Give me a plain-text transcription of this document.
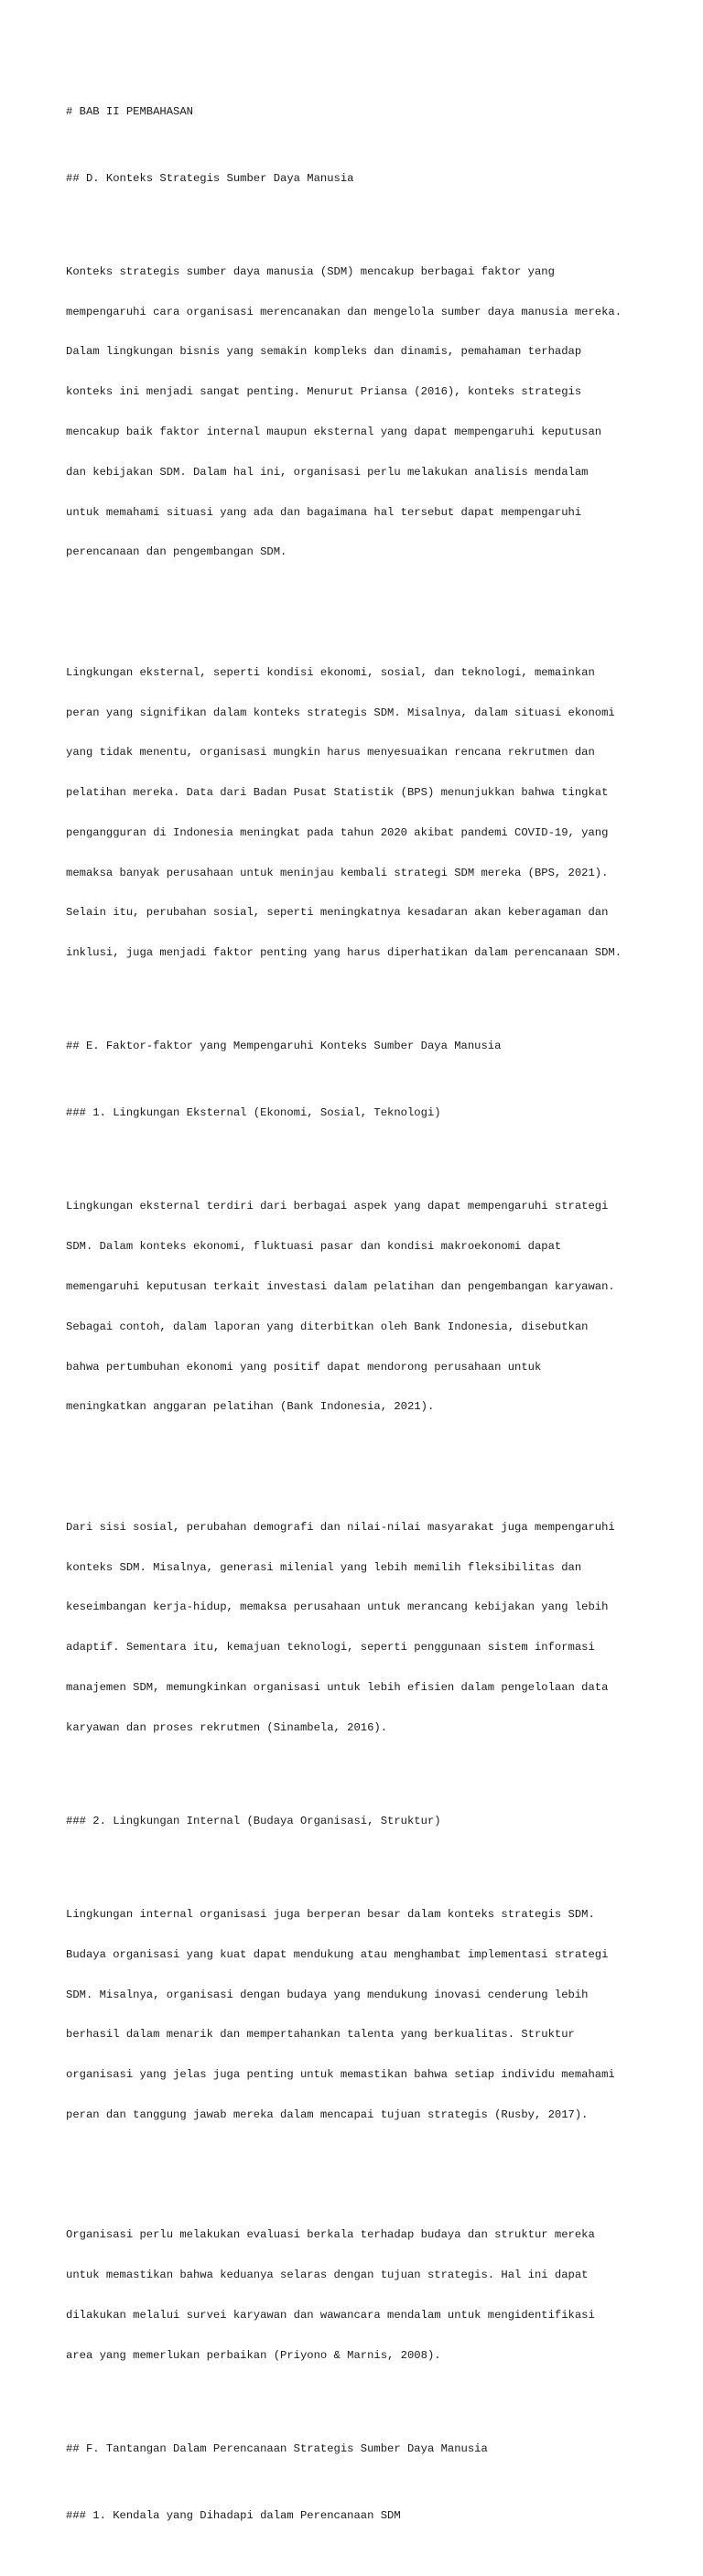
# BAB II PEMBAHASAN

## D. Konteks Strategis Sumber Daya Manusia

Konteks strategis sumber daya manusia (SDM) mencakup berbagai faktor yang

mempengaruhi cara organisasi merencanakan dan mengelola sumber daya manusia mereka.

Dalam lingkungan bisnis yang semakin kompleks dan dinamis, pemahaman terhadap

konteks ini menjadi sangat penting. Menurut Priansa (2016), konteks strategis

mencakup baik faktor internal maupun eksternal yang dapat mempengaruhi keputusan

dan kebijakan SDM. Dalam hal ini, organisasi perlu melakukan analisis mendalam

untuk memahami situasi yang ada dan bagaimana hal tersebut dapat mempengaruhi

perencanaan dan pengembangan SDM.

Lingkungan eksternal, seperti kondisi ekonomi, sosial, dan teknologi, memainkan

peran yang signifikan dalam konteks strategis SDM. Misalnya, dalam situasi ekonomi

yang tidak menentu, organisasi mungkin harus menyesuaikan rencana rekrutmen dan

pelatihan mereka. Data dari Badan Pusat Statistik (BPS) menunjukkan bahwa tingkat

pengangguran di Indonesia meningkat pada tahun 2020 akibat pandemi COVID-19, yang

memaksa banyak perusahaan untuk meninjau kembali strategi SDM mereka (BPS, 2021).

Selain itu, perubahan sosial, seperti meningkatnya kesadaran akan keberagaman dan

inklusi, juga menjadi faktor penting yang harus diperhatikan dalam perencanaan SDM.

## E. Faktor-faktor yang Mempengaruhi Konteks Sumber Daya Manusia

### 1. Lingkungan Eksternal (Ekonomi, Sosial, Teknologi)

Lingkungan eksternal terdiri dari berbagai aspek yang dapat mempengaruhi strategi

SDM. Dalam konteks ekonomi, fluktuasi pasar dan kondisi makroekonomi dapat

memengaruhi keputusan terkait investasi dalam pelatihan dan pengembangan karyawan.

Sebagai contoh, dalam laporan yang diterbitkan oleh Bank Indonesia, disebutkan

bahwa pertumbuhan ekonomi yang positif dapat mendorong perusahaan untuk

meningkatkan anggaran pelatihan (Bank Indonesia, 2021).

Dari sisi sosial, perubahan demografi dan nilai-nilai masyarakat juga mempengaruhi

konteks SDM. Misalnya, generasi milenial yang lebih memilih fleksibilitas dan

keseimbangan kerja-hidup, memaksa perusahaan untuk merancang kebijakan yang lebih

adaptif. Sementara itu, kemajuan teknologi, seperti penggunaan sistem informasi

manajemen SDM, memungkinkan organisasi untuk lebih efisien dalam pengelolaan data

karyawan dan proses rekrutmen (Sinambela, 2016).

### 2. Lingkungan Internal (Budaya Organisasi, Struktur)

Lingkungan internal organisasi juga berperan besar dalam konteks strategis SDM.

Budaya organisasi yang kuat dapat mendukung atau menghambat implementasi strategi

SDM. Misalnya, organisasi dengan budaya yang mendukung inovasi cenderung lebih

berhasil dalam menarik dan mempertahankan talenta yang berkualitas. Struktur

organisasi yang jelas juga penting untuk memastikan bahwa setiap individu memahami

peran dan tanggung jawab mereka dalam mencapai tujuan strategis (Rusby, 2017).

Organisasi perlu melakukan evaluasi berkala terhadap budaya dan struktur mereka

untuk memastikan bahwa keduanya selaras dengan tujuan strategis. Hal ini dapat

dilakukan melalui survei karyawan dan wawancara mendalam untuk mengidentifikasi

area yang memerlukan perbaikan (Priyono & Marnis, 2008).

## F. Tantangan Dalam Perencanaan Strategis Sumber Daya Manusia

### 1. Kendala yang Dihadapi dalam Perencanaan SDM
